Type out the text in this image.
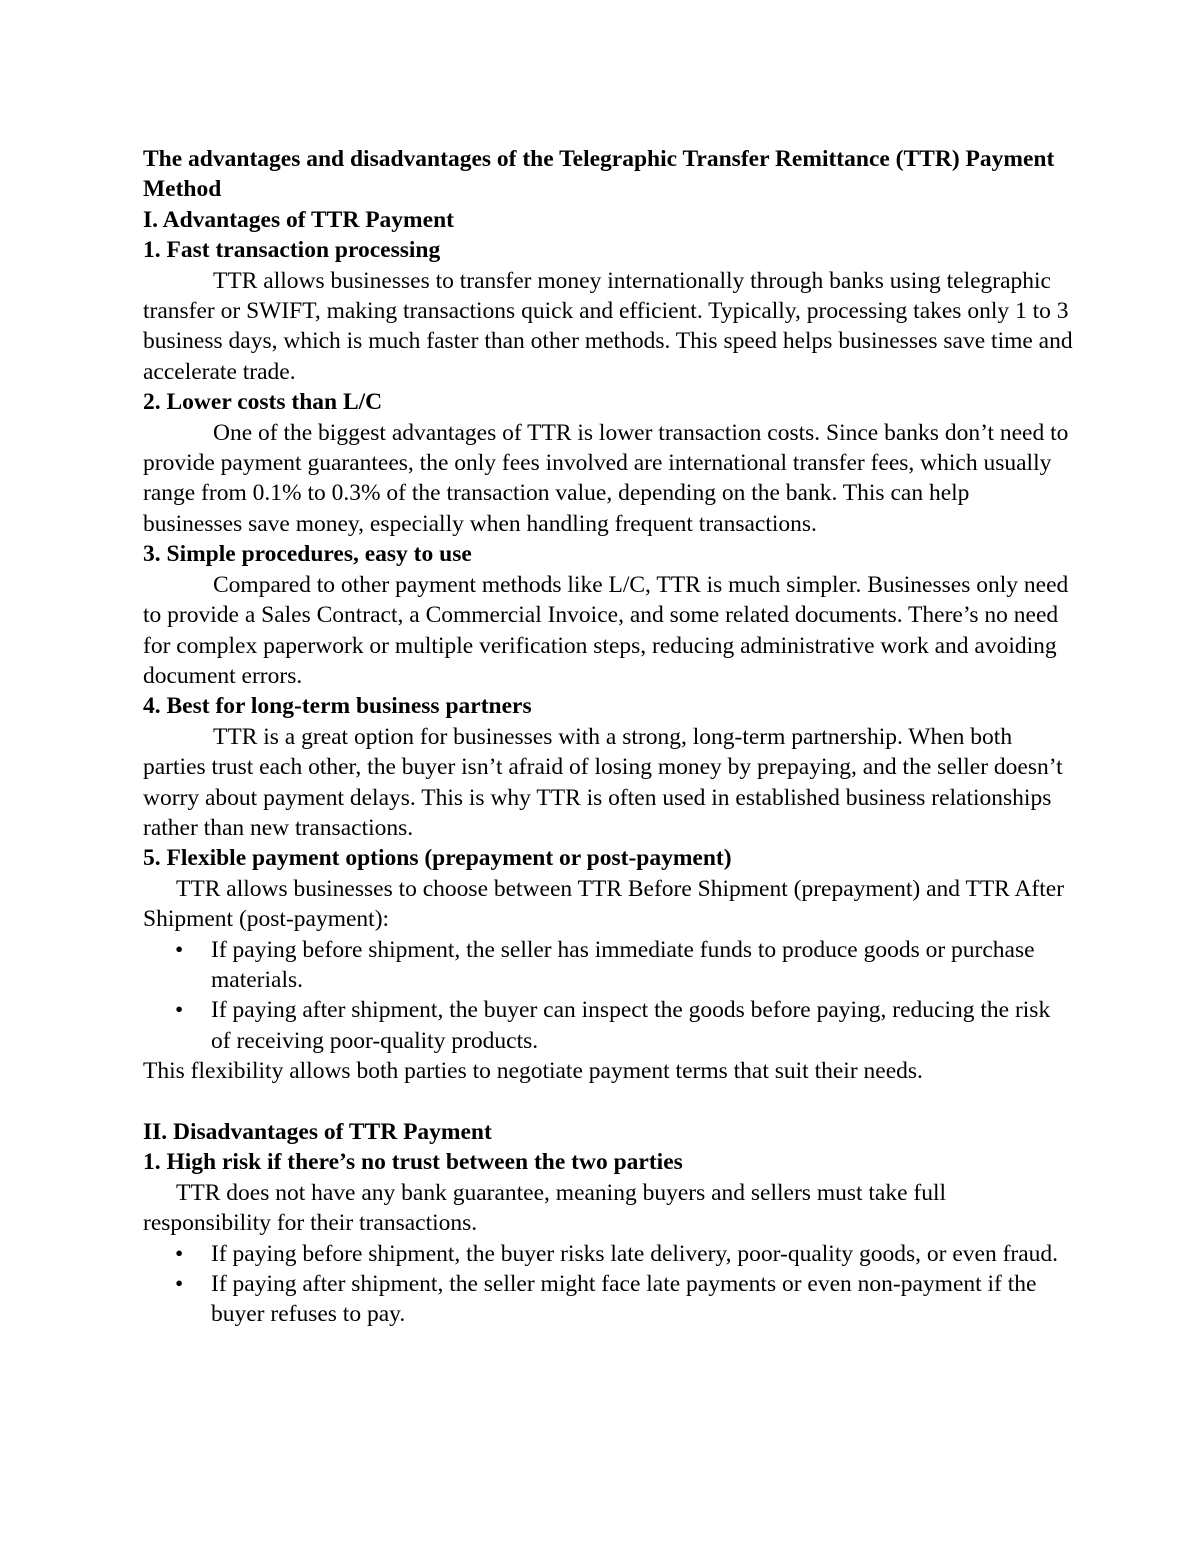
The advantages and disadvantages of the Telegraphic Transfer Remittance (TTR) Payment Method

I. Advantages of TTR Payment

1. Fast transaction processing

TTR allows businesses to transfer money internationally through banks using telegraphic transfer or SWIFT, making transactions quick and efficient. Typically, processing takes only 1 to 3 business days, which is much faster than other methods. This speed helps businesses save time and accelerate trade.

2. Lower costs than L/C

One of the biggest advantages of TTR is lower transaction costs. Since banks don’t need to provide payment guarantees, the only fees involved are international transfer fees, which usually range from 0.1% to 0.3% of the transaction value, depending on the bank. This can help businesses save money, especially when handling frequent transactions.

3. Simple procedures, easy to use

Compared to other payment methods like L/C, TTR is much simpler. Businesses only need to provide a Sales Contract, a Commercial Invoice, and some related documents. There’s no need for complex paperwork or multiple verification steps, reducing administrative work and avoiding document errors.

4. Best for long-term business partners

TTR is a great option for businesses with a strong, long-term partnership. When both parties trust each other, the buyer isn’t afraid of losing money by prepaying, and the seller doesn’t worry about payment delays. This is why TTR is often used in established business relationships rather than new transactions.

5. Flexible payment options (prepayment or post-payment)

TTR allows businesses to choose between TTR Before Shipment (prepayment) and TTR After Shipment (post-payment):

• If paying before shipment, the seller has immediate funds to produce goods or purchase materials.
• If paying after shipment, the buyer can inspect the goods before paying, reducing the risk of receiving poor-quality products.

This flexibility allows both parties to negotiate payment terms that suit their needs.

II. Disadvantages of TTR Payment

1. High risk if there’s no trust between the two parties

TTR does not have any bank guarantee, meaning buyers and sellers must take full responsibility for their transactions.

• If paying before shipment, the buyer risks late delivery, poor-quality goods, or even fraud.
• If paying after shipment, the seller might face late payments or even non-payment if the buyer refuses to pay.
